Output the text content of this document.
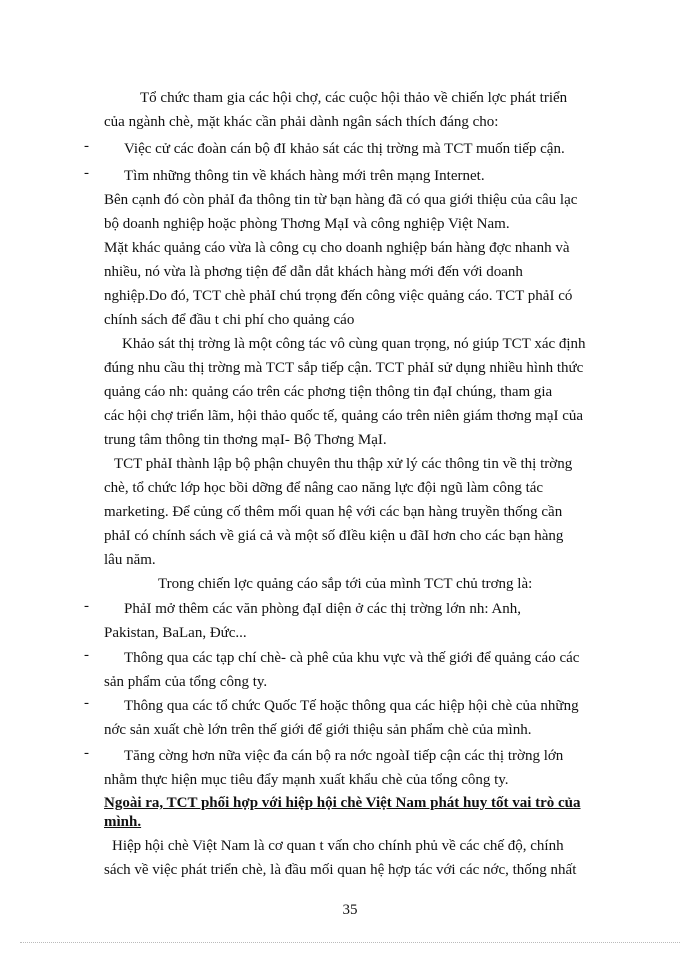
Tổ chức tham gia các hội chợ, các cuộc hội thảo về chiến lợc phát triển
của ngành chè, mặt khác cần phải dành ngân sách thích đáng cho:
- Việc cử các đoàn cán bộ đI khảo sát các thị trờng mà TCT muốn tiếp cận.
- Tìm những thông tin về khách hàng mới trên mạng Internet.
Bên cạnh đó còn phảI đa thông tin từ bạn hàng đã có qua giới thiệu của câu lạc
bộ doanh nghiệp hoặc phòng Thơng MạI và công nghiệp Việt Nam.
Mặt khác quảng cáo vừa là công cụ cho doanh nghiệp bán hàng đợc nhanh và
nhiều, nó vừa là phơng tiện để dẫn dắt khách hàng mới đến với doanh
nghiệp.Do đó, TCT chè phảI chú trọng đến công việc quảng cáo. TCT phảI có
chính sách để đầu t chi phí cho quảng cáo
Khảo sát thị trờng là một công tác vô cùng quan trọng, nó giúp TCT xác định
đúng nhu cầu thị trờng mà TCT sắp tiếp cận. TCT phảI sử dụng nhiều hình thức
quảng cáo nh: quảng cáo trên các phơng tiện thông tin đạI chúng, tham gia
các hội chợ triển lãm, hội thảo quốc tế, quảng cáo trên niên giám thơng mạI của
trung tâm thông tin thơng mạI- Bộ Thơng MạI.
TCT phảI thành lập bộ phận chuyên thu thập xử lý các thông tin về thị trờng
chè, tổ chức lớp học bồi dỡng để nâng cao năng lực đội ngũ làm công tác
marketing. Để củng cố thêm mối quan hệ với các bạn hàng truyền thống cần
phảI có chính sách về giá cả và một số đIều kiện u đãI hơn cho các bạn hàng
lâu năm.
Trong chiến lợc quảng cáo sắp tới của mình TCT chủ trơng là:
- PhảI mở thêm các văn phòng đạI diện ở các thị trờng lớn nh: Anh,
Pakistan, BaLan, Đức...
- Thông qua các tạp chí chè- cà phê của khu vực và thế giới để quảng cáo các
sản phẩm của tổng công ty.
- Thông qua các tổ chức Quốc Tế hoặc thông qua các hiệp hội chè của những
nớc sản xuất chè lớn trên thế giới để giới thiệu sản phẩm chè của mình.
- Tăng cờng hơn nữa việc đa cán bộ ra nớc ngoàI tiếp cận các thị trờng lớn
nhằm thực hiện mục tiêu đẩy mạnh xuất khẩu chè của tổng công ty.
Ngoài ra, TCT phối hợp với hiệp hội chè Việt Nam phát huy tốt vai trò của
mình.
Hiệp hội chè Việt Nam là cơ quan t vấn cho chính phủ về các chế độ, chính
sách về việc phát triển chè, là đầu mối quan hệ hợp tác với các nớc, thống nhất
35
